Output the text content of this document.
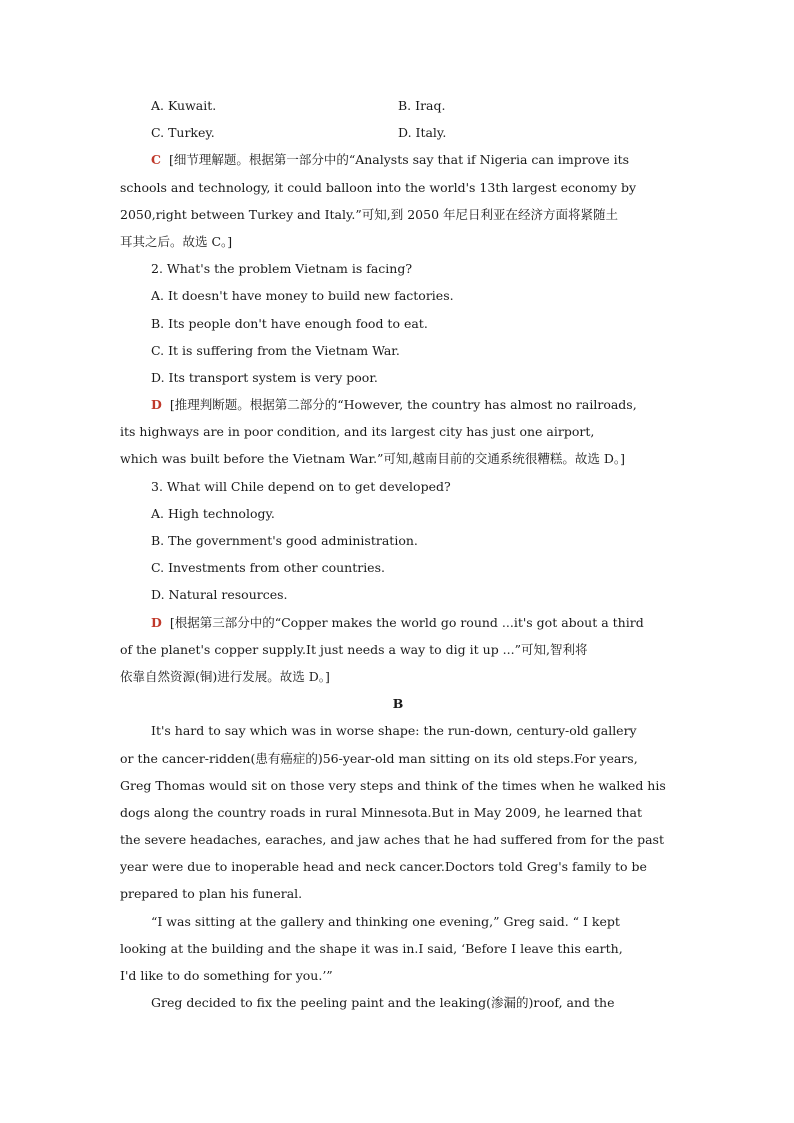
A. Kuwait.	B. Iraq.
C. Turkey.	D. Italy.
C [细节理解题。根据第一部分中的“Analysts say that if Nigeria can improve its
schools and technology, it could balloon into the world's 13th largest economy by
2050,right between Turkey and Italy.”可知,到 2050 年尼日利亚在经济方面将紧随土
耳其之后。故选 C。]
2. What's the problem Vietnam is facing?
A. It doesn't have money to build new factories.
B. Its people don't have enough food to eat.
C. It is suffering from the Vietnam War.
D. Its transport system is very poor.
D [推理判断题。根据第二部分的“However, the country has almost no railroads,
its highways are in poor condition, and its largest city has just one airport,
which was built before the Vietnam War.”可知,越南目前的交通系统很糟糕。故选 D。]
3. What will Chile depend on to get developed?
A. High technology.
B. The government's good administration.
C. Investments from other countries.
D. Natural resources.
D [根据第三部分中的“Copper makes the world go round ...it's got about a third
of the planet's copper supply.It just needs a way to dig it up ...”可知,智利将
依靠自然资源(铜)进行发展。故选 D。]
B
It's hard to say which was in worse shape: the run-down, century-old gallery
or the cancer-ridden(患有癌症的)56-year-old man sitting on its old steps.For years,
Greg Thomas would sit on those very steps and think of the times when he walked his
dogs along the country roads in rural Minnesota.But in May 2009, he learned that
the severe headaches, earaches, and jaw aches that he had suffered from for the past
year were due to inoperable head and neck cancer.Doctors told Greg's family to be
prepared to plan his funeral.
“I was sitting at the gallery and thinking one evening,” Greg said. “ I kept
looking at the building and the shape it was in.I said, ‘Before I leave this earth,
I'd like to do something for you.’”
Greg decided to fix the peeling paint and the leaking(渗漏的)roof, and the
